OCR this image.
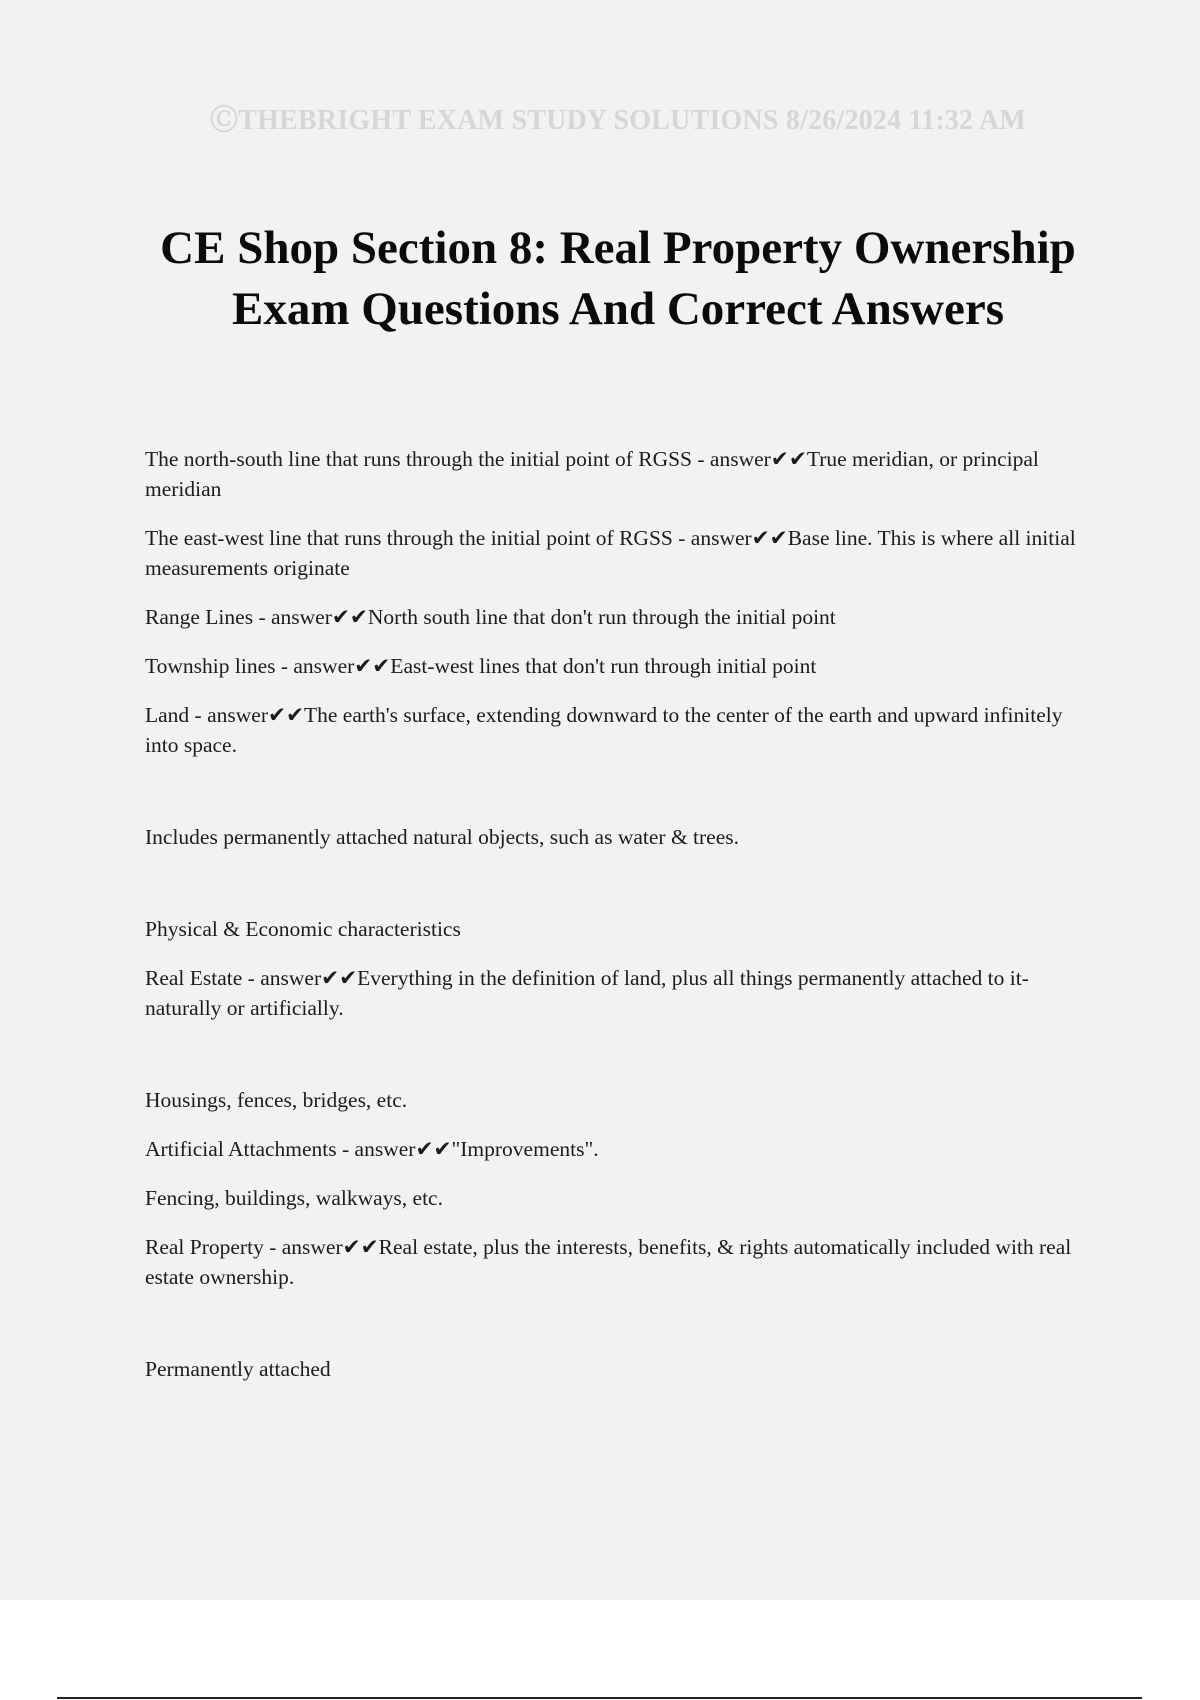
ⒸTHEBRIGHT EXAM STUDY SOLUTIONS 8/26/2024 11:32 AM
CE Shop Section 8: Real Property Ownership Exam Questions And Correct Answers

The north-south line that runs through the initial point of RGSS - answer✔✔True meridian, or principal meridian

The east-west line that runs through the initial point of RGSS - answer✔✔Base line. This is where all initial measurements originate

Range Lines - answer✔✔North south line that don't run through the initial point

Township lines - answer✔✔East-west lines that don't run through initial point

Land - answer✔✔The earth's surface, extending downward to the center of the earth and upward infinitely into space.

Includes permanently attached natural objects, such as water & trees.

Physical & Economic characteristics

Real Estate - answer✔✔Everything in the definition of land, plus all things permanently attached to it- naturally or artificially.

Housings, fences, bridges, etc.

Artificial Attachments - answer✔✔"Improvements".

Fencing, buildings, walkways, etc.

Real Property - answer✔✔Real estate, plus the interests, benefits, & rights automatically included with real estate ownership.

Permanently attached
